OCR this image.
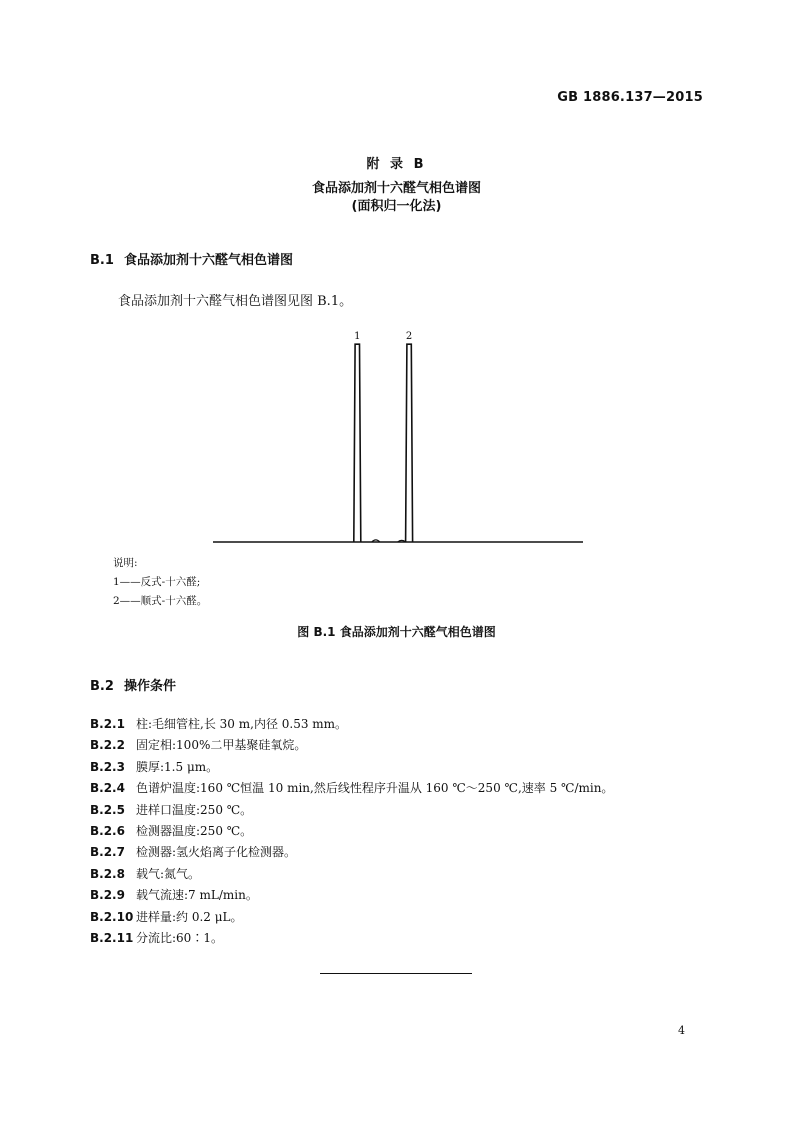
GB 1886.137—2015
附 录 B
食品添加剂十六醛气相色谱图
(面积归一化法)
B.1 食品添加剂十六醛气相色谱图
食品添加剂十六醛气相色谱图见图 B.1。
1	2
说明:
1——反式-十六醛;
2——顺式-十六醛。
图 B.1 食品添加剂十六醛气相色谱图
B.2 操作条件
B.2.1 柱:毛细管柱,长 30 m,内径 0.53 mm。
B.2.2 固定相:100%二甲基聚硅氧烷。
B.2.3 膜厚:1.5 μm。
B.2.4 色谱炉温度:160 ℃恒温 10 min,然后线性程序升温从 160 ℃～250 ℃,速率 5 ℃/min。
B.2.5 进样口温度:250 ℃。
B.2.6 检测器温度:250 ℃。
B.2.7 检测器:氢火焰离子化检测器。
B.2.8 载气:氮气。
B.2.9 载气流速:7 mL/min。
B.2.10 进样量:约 0.2 μL。
B.2.11 分流比:60∶1。
4
